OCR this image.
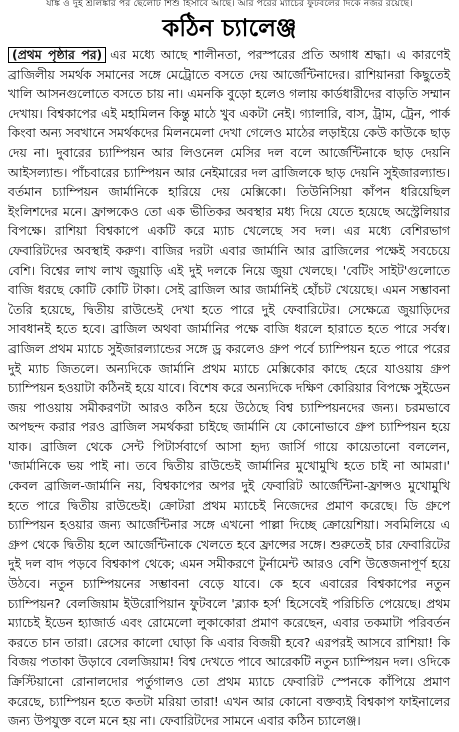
র্যাঙ্ক ও দুই শ্রীলঙ্কার পর ছেলেটি শিশু হিসাবে আছে। আর পরের ম্যাচের ফুটবলের দিকে নজর রয়েছে।
কঠিন চ্যালেঞ্জ
(প্রথম পৃষ্ঠার পর) এর মধ্যে আছে শালীনতা, পরস্পরের প্রতি অগাধ শ্রদ্ধা। এ কারণেই ব্রাজিলীয় সমর্থক সমানের সঙ্গে মেট্রোতে বসতে দেয় আর্জেন্টিনাদের। রাশিয়ানরা কিছুতেই খালি আসনগুলোতে বসতে চায় না। এমনকি বুড়ো হলেও গলায় কার্ডধারীদের বাড়তি সম্মান দেখায়। বিশ্বকাপের এই মহামিলন কিন্তু মাঠে খুব একটা নেই। গ্যালারি, বাস, ট্রাম, ট্রেন, পার্ক কিংবা অন্য সবখানে সমর্থকদের মিলনমেলা দেখা গেলেও মাঠের লড়াইয়ে কেউ কাউকে ছাড় দেয় না। দুবারের চ্যাম্পিয়ন আর লিওনেল মেসির দল বলে আর্জেন্টিনাকে ছাড় দেয়নি আইসল্যান্ড। পাঁচবারের চ্যাম্পিয়ন আর নেইমারের দল ব্রাজিলকে ছাড় দেয়নি সুইজারল্যান্ড। বর্তমান চ্যাম্পিয়ন জার্মানিকে হারিয়ে দেয় মেক্সিকো। তিউনিসিয়া কাঁপন ধরিয়েছিল ইংলিশদের মনে। ফ্রান্সকেও তো এক ভীতিকর অবস্থার মধ্য দিয়ে যেতে হয়েছে অস্ট্রেলিয়ার বিপক্ষে। রাশিয়া বিশ্বকাপে একটি করে ম্যাচ খেলেছে সব দল। এর মধ্যে বেশিরভাগ ফেবারিটদের অবস্থাই করুণ। বাজির দরটা এবার জার্মানি আর ব্রাজিলের পক্ষেই সবচেয়ে বেশি। বিশ্বের লাখ লাখ জুয়াড়ি এই দুই দলকে নিয়ে জুয়া খেলছে। 'বেটিং সাইট'গুলোতে বাজি ধরছে কোটি কোটি টাকা। সেই ব্রাজিল আর জার্মানিই হোঁচট খেয়েছে। এমন সম্ভাবনা তৈরি হয়েছে, দ্বিতীয় রাউন্ডেই দেখা হতে পারে দুই ফেবারিটের। সেক্ষেত্রে জুয়াড়িদের সাবধানই হতে হবে। ব্রাজিল অথবা জার্মানির পক্ষে বাজি ধরলে হারাতে হতে পারে সর্বস্ব। ব্রাজিল প্রথম ম্যাচে সুইজারল্যান্ডের সঙ্গে ড্র করলেও গ্রুপ পর্বে চ্যাম্পিয়ন হতে পারে পরের দুই ম্যাচ জিতলে। অন্যদিকে জার্মানি প্রথম ম্যাচে মেক্সিকোর কাছে হেরে যাওয়ায় গ্রুপ চ্যাম্পিয়ন হওয়াটা কঠিনই হয়ে যাবে। বিশেষ করে অন্যদিকে দক্ষিণ কোরিয়ার বিপক্ষে সুইডেন জয় পাওয়ায় সমীকরণটা আরও কঠিন হয়ে উঠেছে বিশ্ব চ্যাম্পিয়নদের জন্য। চরমভাবে অপছন্দ করার পরও ব্রাজিল সমর্থকরা চাইছে জার্মানি যে কোনোভাবে গ্রুপ চ্যাম্পিয়ন হয়ে যাক। ব্রাজিল থেকে সেন্ট পিটার্সবার্গে আসা হৃদ্য জার্সি গায়ে কায়েতানো বললেন, 'জার্মানিকে ভয় পাই না। তবে দ্বিতীয় রাউন্ডেই জার্মানির মুখোমুখি হতে চাই না আমরা।' কেবল ব্রাজিল-জার্মানি নয়, বিশ্বকাপের অপর দুই ফেবারিট আর্জেন্টিনা-ফ্রান্সও মুখোমুখি হতে পারে দ্বিতীয় রাউন্ডেই। ক্রোটরা প্রথম ম্যাচেই নিজেদের প্রমাণ করেছে। ডি গ্রুপে চ্যাম্পিয়ন হওয়ার জন্য আর্জেন্টিনার সঙ্গে এখনো পাল্লা দিচ্ছে ক্রোয়েশিয়া। সবমিলিয়ে এ গ্রুপ থেকে দ্বিতীয় হলে আর্জেন্টিনাকে খেলতে হবে ফ্রান্সের সঙ্গে। শুরুতেই চার ফেবারিটের দুই দল বাদ পড়বে বিশ্বকাপ থেকে; এমন সমীকরণে টুর্নামেন্ট আরও বেশি উত্তেজনাপূর্ণ হয়ে উঠবে। নতুন চ্যাম্পিয়নের সম্ভাবনা বেড়ে যাবে। কে হবে এবারের বিশ্বকাপের নতুন চ্যাম্পিয়ন? বেলজিয়াম ইউরোপিয়ান ফুটবলে 'ব্ল্যাক হর্স' হিসেবেই পরিচিতি পেয়েছে। প্রথম ম্যাচেই ইডেন হ্যাজার্ড এবং রোমেলো লুকাকোরা প্রমাণ করেছেন, এবার তকমাটা পরিবর্তন করতে চান তারা। রেসের কালো ঘোড়া কি এবার বিজয়ী হবে? এরপরই আসবে রাশিয়া! কি বিজয় পতাকা উড়াবে বেলজিয়াম! বিশ্ব দেখতে পাবে আরেকটি নতুন চ্যাম্পিয়ন দল। ওদিকে ক্রিস্টিয়ানো রোনালদোর পর্তুগালও তো প্রথম ম্যাচে ফেবারিট স্পেনকে কাঁপিয়ে প্রমাণ করেছে, চ্যাম্পিয়ন হতে কতটা মরিয়া তারা! এখন আর কোনো বক্তব্যই বিশ্বকাপ ফাইনালের জন্য উপযুক্ত বলে মনে হয় না। ফেবারিটদের সামনে এবার কঠিন চ্যালেঞ্জ।
